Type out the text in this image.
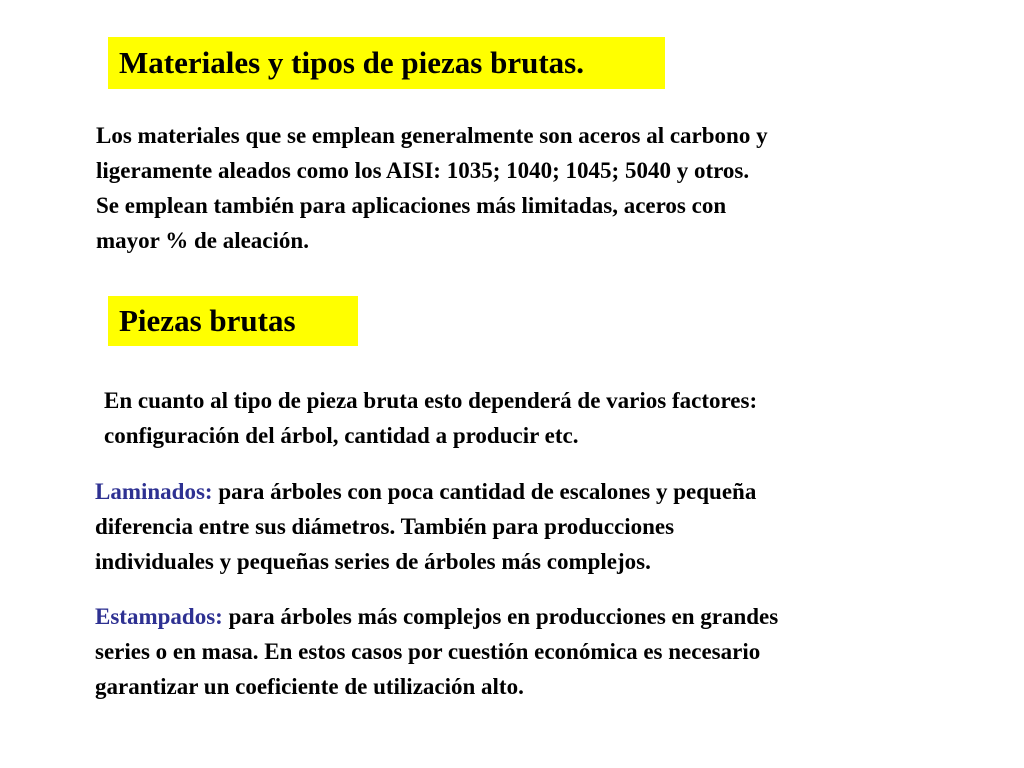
Materiales y tipos de piezas brutas.

Los materiales que se emplean generalmente son aceros al carbono y
ligeramente aleados como los AISI: 1035; 1040; 1045; 5040 y otros.
Se emplean también para aplicaciones más limitadas, aceros con
mayor % de aleación.

Piezas brutas

En cuanto al tipo de pieza bruta esto dependerá de varios factores:
configuración del árbol, cantidad a producir etc.

Laminados: para árboles con poca cantidad de escalones y pequeña
diferencia entre sus diámetros. También para producciones
individuales y pequeñas series de árboles más complejos.

Estampados: para árboles más complejos en producciones en grandes
series o en masa. En estos casos por cuestión económica es necesario
garantizar un coeficiente de utilización alto.
